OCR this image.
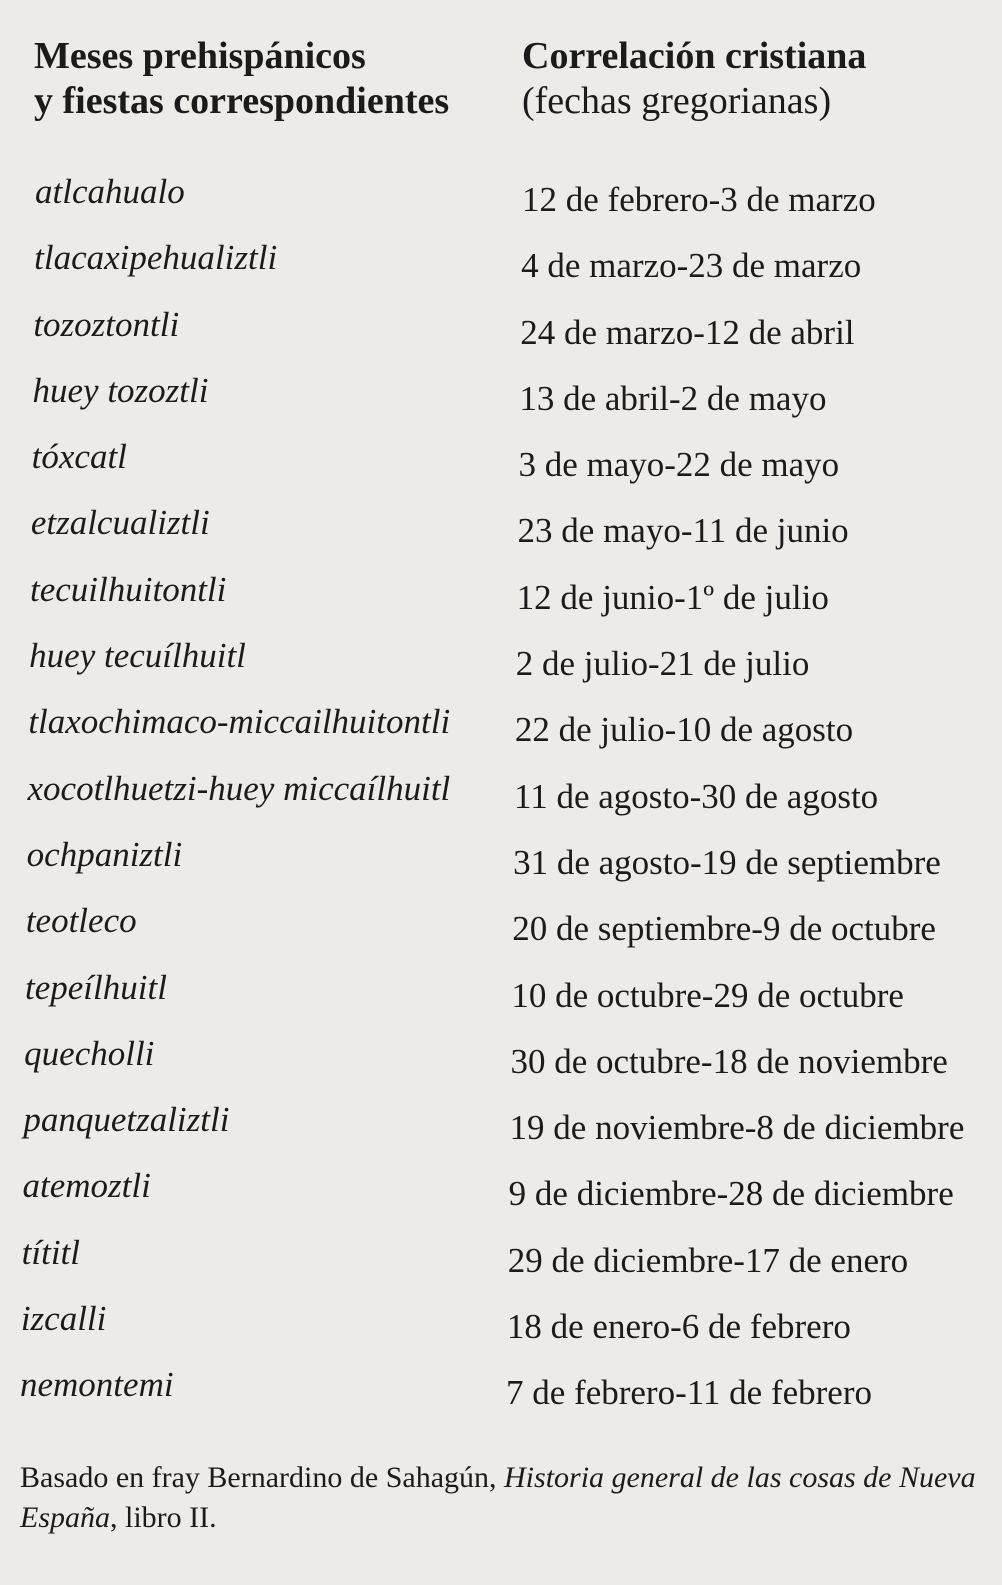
Meses prehispánicos
y fiestas correspondientes
Correlación cristiana
(fechas gregorianas)
atlcahualo	12 de febrero-3 de marzo
tlacaxipehualiztli	4 de marzo-23 de marzo
tozoztontli	24 de marzo-12 de abril
huey tozoztli	13 de abril-2 de mayo
tóxcatl	3 de mayo-22 de mayo
etzalcualiztli	23 de mayo-11 de junio
tecuilhuitontli	12 de junio-1º de julio
huey tecuílhuitl	2 de julio-21 de julio
tlaxochimaco-miccailhuitontli 22 de julio-10 de agosto
xocotlhuetzi-huey miccaílhuitl 11 de agosto-30 de agosto
ochpaniztli	31 de agosto-19 de septiembre
teotleco	20 de septiembre-9 de octubre
tepeílhuitl	10 de octubre-29 de octubre
quecholli	30 de octubre-18 de noviembre
panquetzaliztli	19 de noviembre-8 de diciembre
atemoztli	9 de diciembre-28 de diciembre
títitl	29 de diciembre-17 de enero
izcalli	18 de enero-6 de febrero
nemontemi	7 de febrero-11 de febrero
Basado en fray Bernardino de Sahagún, Historia general de las cosas de Nueva España, libro II.
